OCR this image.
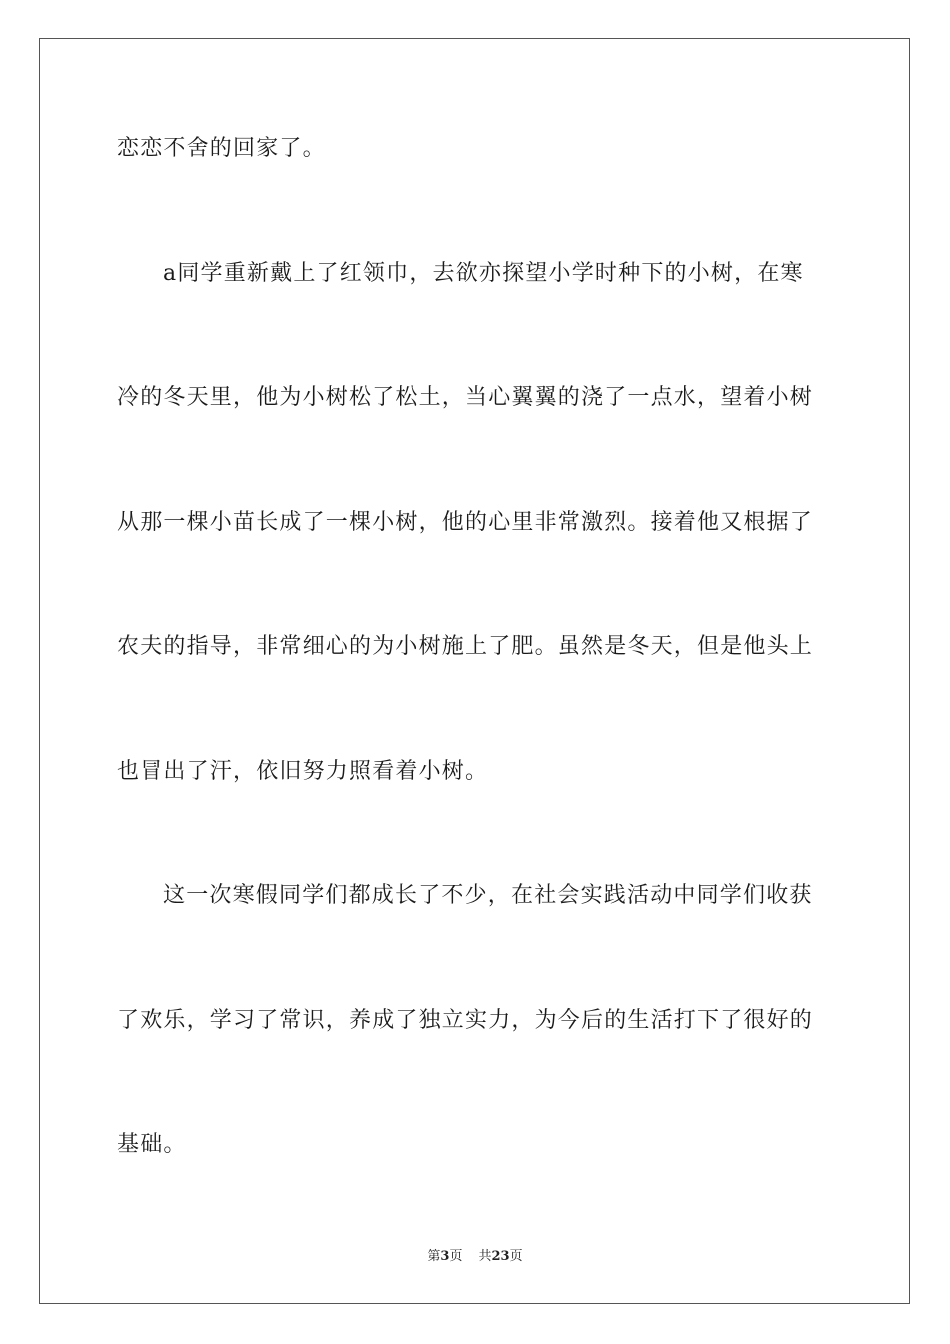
恋恋不舍的回家了。
a同学重新戴上了红领巾，去欲亦探望小学时种下的小树，在寒
冷的冬天里，他为小树松了松土，当心翼翼的浇了一点水，望着小树
从那一棵小苗长成了一棵小树，他的心里非常激烈。接着他又根据了
农夫的指导，非常细心的为小树施上了肥。虽然是冬天，但是他头上
也冒出了汗，依旧努力照看着小树。
这一次寒假同学们都成长了不少，在社会实践活动中同学们收获
了欢乐，学习了常识，养成了独立实力，为今后的生活打下了很好的
基础。
第3页 共23页
